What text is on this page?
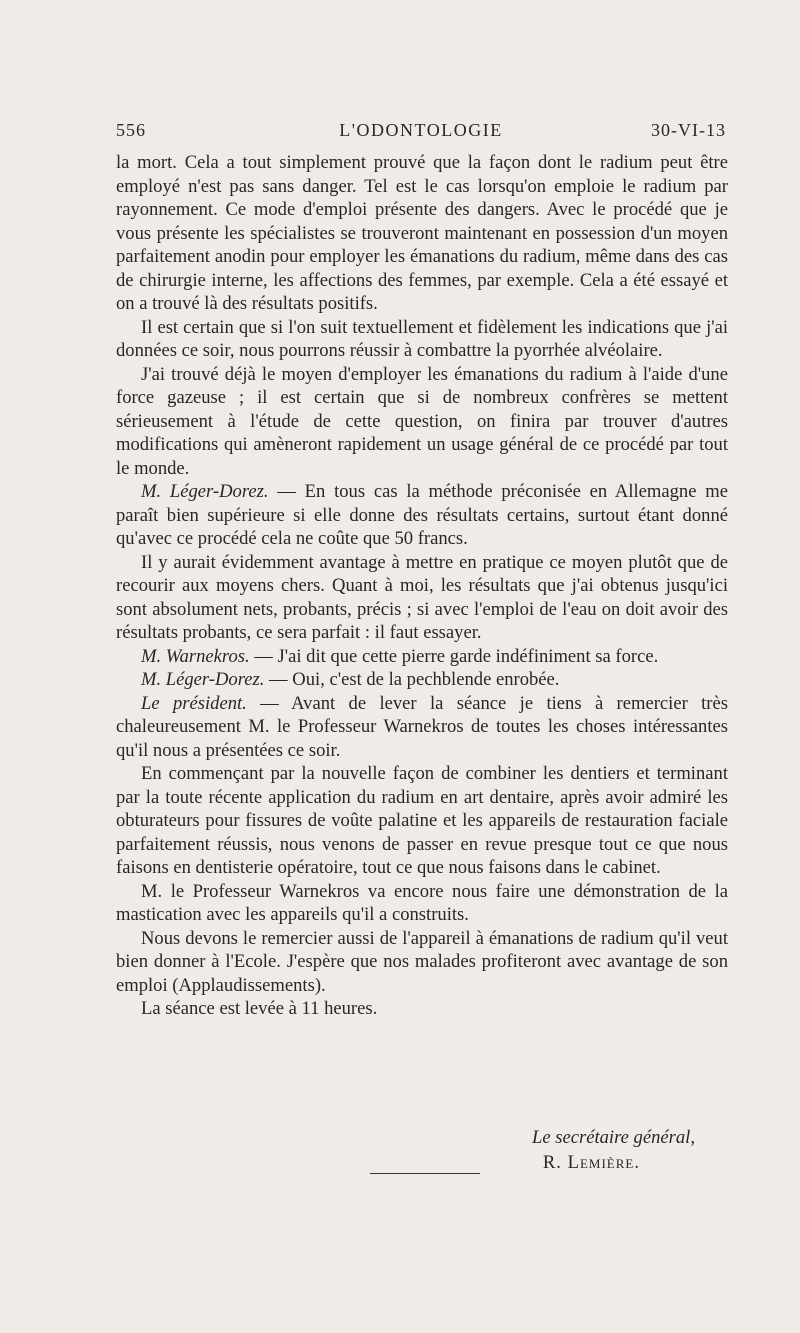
556	L'ODONTOLOGIE	30-VI-13

la mort. Cela a tout simplement prouvé que la façon dont le radium peut être employé n'est pas sans danger. Tel est le cas lorsqu'on emploie le radium par rayonnement. Ce mode d'emploi présente des dangers. Avec le procédé que je vous présente les spécialistes se trouveront maintenant en possession d'un moyen parfaitement anodin pour employer les émanations du radium, même dans des cas de chirurgie interne, les affections des femmes, par exemple. Cela a été essayé et on a trouvé là des résultats positifs.

Il est certain que si l'on suit textuellement et fidèlement les indications que j'ai données ce soir, nous pourrons réussir à combattre la pyorrhée alvéolaire.

J'ai trouvé déjà le moyen d'employer les émanations du radium à l'aide d'une force gazeuse ; il est certain que si de nombreux confrères se mettent sérieusement à l'étude de cette question, on finira par trouver d'autres modifications qui amèneront rapidement un usage général de ce procédé par tout le monde.

M. Léger-Dorez. — En tous cas la méthode préconisée en Allemagne me paraît bien supérieure si elle donne des résultats certains, surtout étant donné qu'avec ce procédé cela ne coûte que 50 francs.

Il y aurait évidemment avantage à mettre en pratique ce moyen plutôt que de recourir aux moyens chers. Quant à moi, les résultats que j'ai obtenus jusqu'ici sont absolument nets, probants, précis ; si avec l'emploi de l'eau on doit avoir des résultats probants, ce sera parfait : il faut essayer.

M. Warnekros. — J'ai dit que cette pierre garde indéfiniment sa force.

M. Léger-Dorez. — Oui, c'est de la pechblende enrobée.

Le président. — Avant de lever la séance je tiens à remercier très chaleureusement M. le Professeur Warnekros de toutes les choses intéressantes qu'il nous a présentées ce soir.

En commençant par la nouvelle façon de combiner les dentiers et terminant par la toute récente application du radium en art dentaire, après avoir admiré les obturateurs pour fissures de voûte palatine et les appareils de restauration faciale parfaitement réussis, nous venons de passer en revue presque tout ce que nous faisons en dentisterie opératoire, tout ce que nous faisons dans le cabinet.

M. le Professeur Warnekros va encore nous faire une démonstration de la mastication avec les appareils qu'il a construits.

Nous devons le remercier aussi de l'appareil à émanations de radium qu'il veut bien donner à l'Ecole. J'espère que nos malades profiteront avec avantage de son emploi (Applaudissements).

La séance est levée à 11 heures.

Le secrétaire général,
R. Lemière.
